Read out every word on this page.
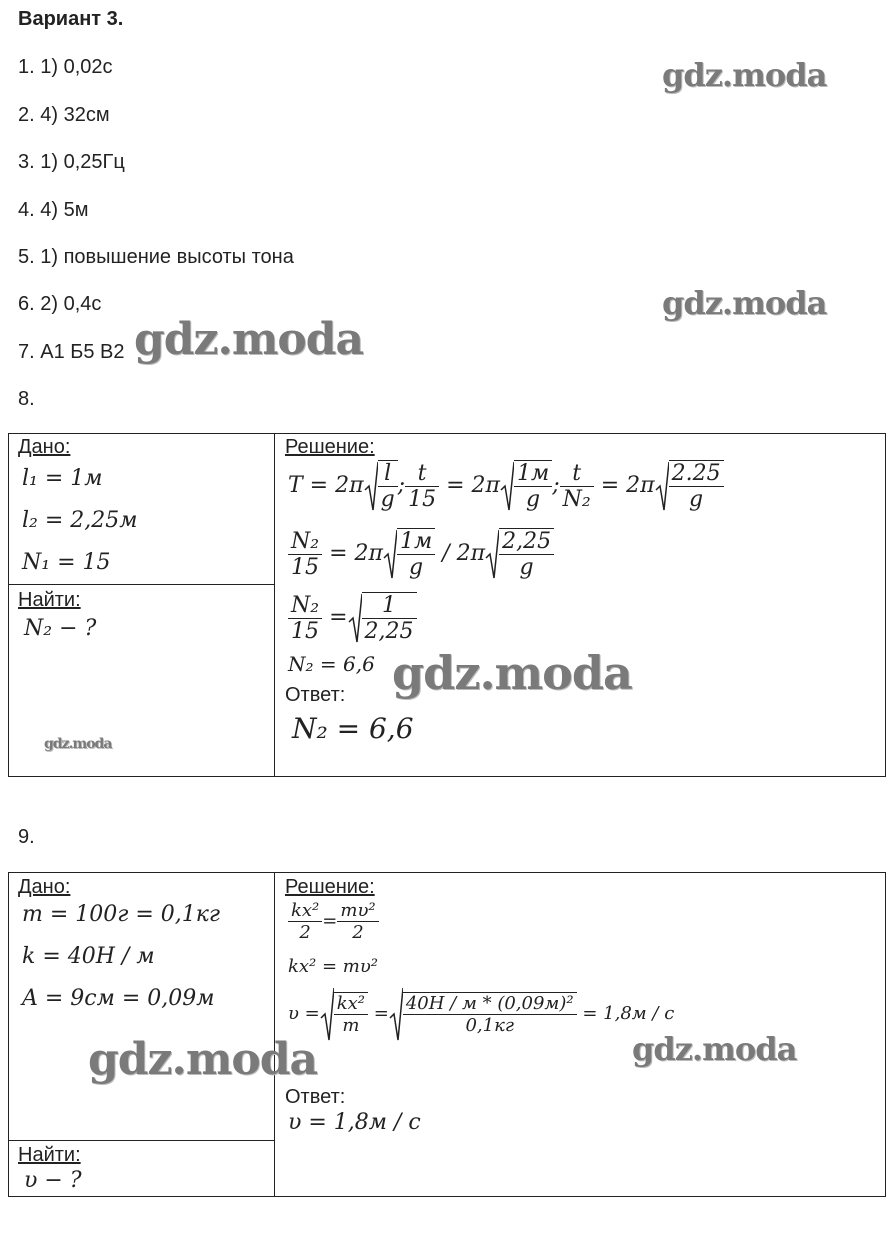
Вариант 3.
1. 1) 0,02с
2. 4) 32см
3. 1) 0,25Гц
4. 4) 5м
5. 1) повышение высоты тона
6. 2) 0,4с
7. А1 Б5 В2
8.
Дано:
l₁ = 1м
l₂ = 2,25м
N₁ = 15
Найти:
N₂ − ?
Решение:
$T = 2\pi \frac{l}{g}$ ; $\frac{t}{15} = 2\pi \frac{1м}{g}$ ; $\frac{t}{\text{N₂}} = 2\pi \frac{2.25}{g}$
$\frac{\text{N₂}}{15} = 2\pi \frac{1м}{g} / 2\pi \frac{2,25}{g}$
$\frac{\text{N₂}}{15} = \frac{1}{2,25}$
N₂ = 6,6
Ответ:
N₂ = 6,6
9.
Дано:
m = 100г = 0,1кг
k = 40Н / м
A = 9см = 0,09м
Найти:
υ − ?
Решение:
$\frac{\text{kx²}}{2} = \frac{\text{mυ²}}{2}$
kx² = mυ²
$\upsilon = \frac{\text{kx²}}{m} = \frac{\text{40Н / м * (0,09м)²}}{0,1кг} = 1,8м / с$
Ответ:
υ = 1,8м / с
gdz.moda
gdz.moda
gdz.moda
gdz.moda
gdz.moda
gdz.moda	gdz.moda
